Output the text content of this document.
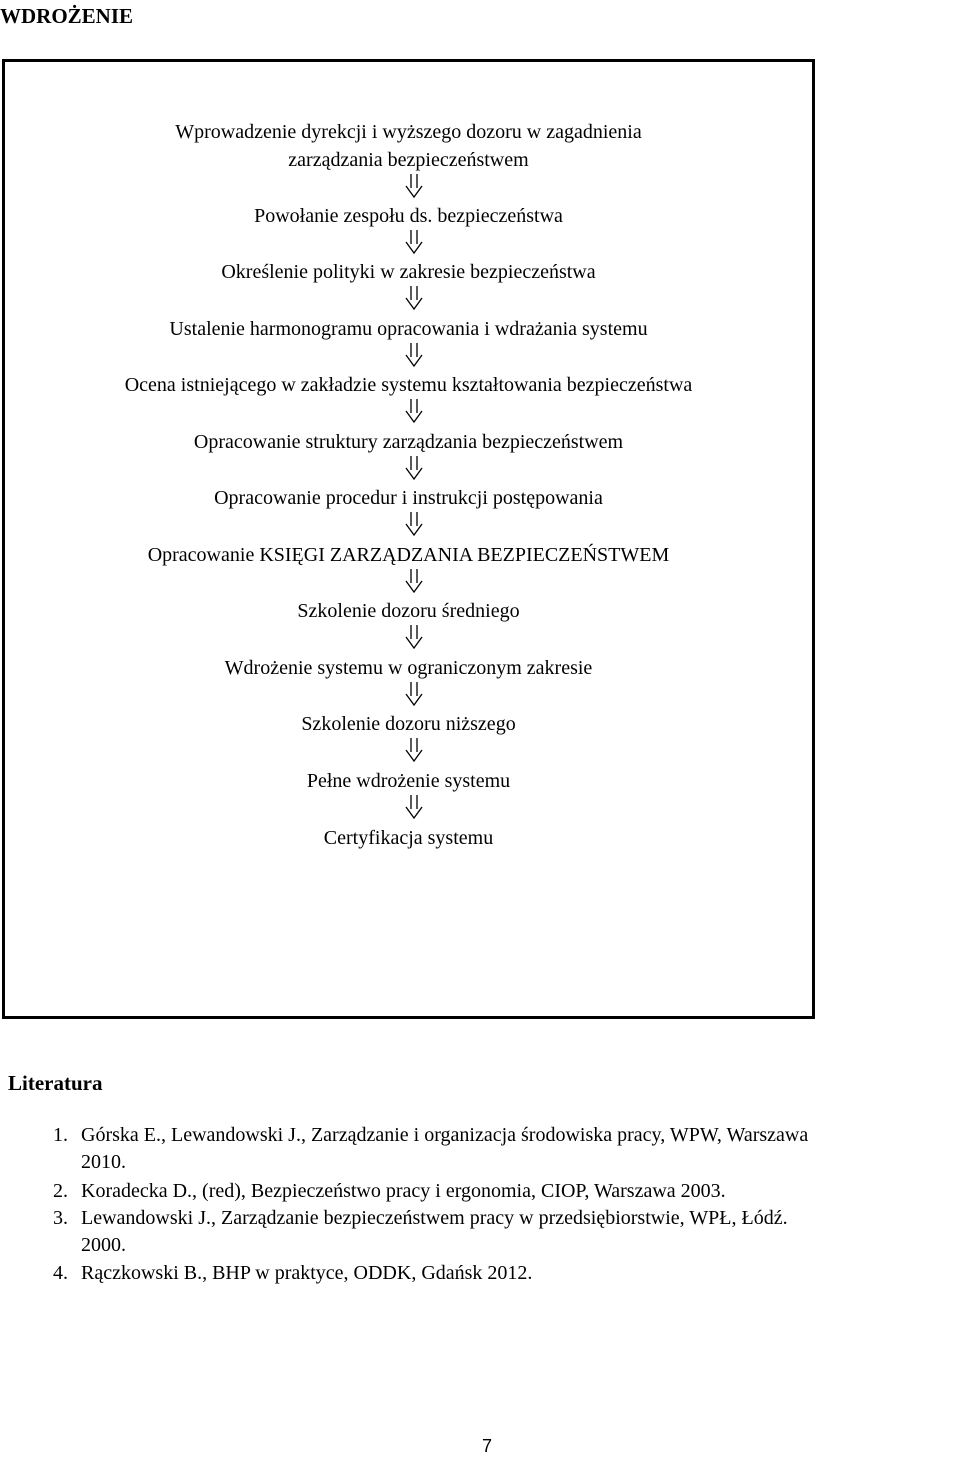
WDROŻENIE
Wprowadzenie dyrekcji i wyższego dozoru w zagadnienia
zarządzania bezpieczeństwem
Powołanie zespołu ds. bezpieczeństwa
Określenie polityki w zakresie bezpieczeństwa
Ustalenie harmonogramu opracowania i wdrażania systemu
Ocena istniejącego w zakładzie systemu kształtowania bezpieczeństwa
Opracowanie struktury zarządzania bezpieczeństwem
Opracowanie procedur i instrukcji postępowania
Opracowanie KSIĘGI ZARZĄDZANIA BEZPIECZEŃSTWEM
Szkolenie dozoru średniego
Wdrożenie systemu w ograniczonym zakresie
Szkolenie dozoru niższego
Pełne wdrożenie systemu
Certyfikacja systemu
Literatura
1. Górska E., Lewandowski J., Zarządzanie i organizacja środowiska pracy, WPW, Warszawa
2010.
2. Koradecka D., (red), Bezpieczeństwo pracy i ergonomia, CIOP, Warszawa 2003.
3. Lewandowski J., Zarządzanie bezpieczeństwem pracy w przedsiębiorstwie, WPŁ, Łódź.
2000.
4. Rączkowski B., BHP w praktyce, ODDK, Gdańsk 2012.
7
